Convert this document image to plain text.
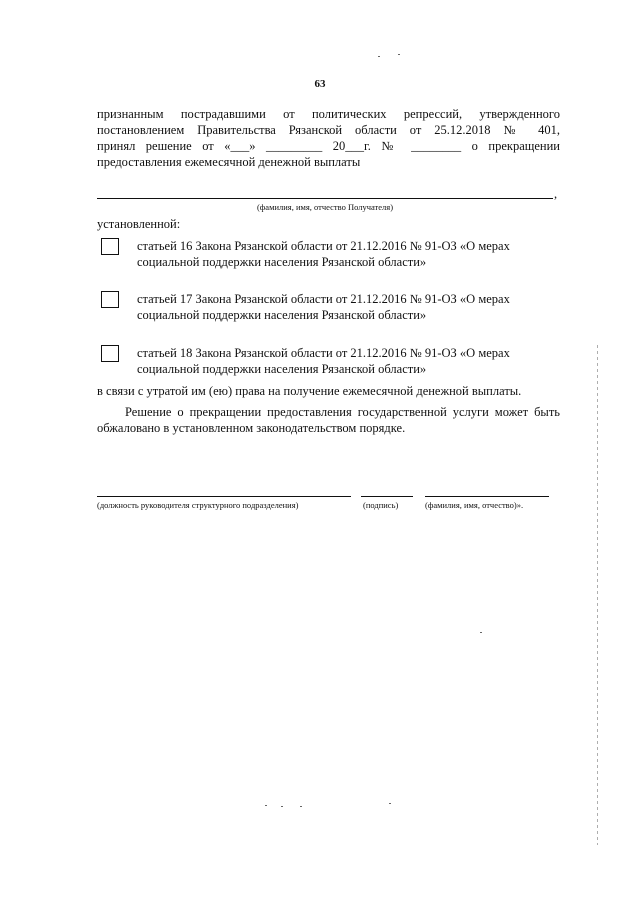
63
признанным пострадавшими от политических репрессий, утвержденного
постановлением Правительства Рязанской области от 25.12.2018 № 401,
принял решение от «___» _________ 20___г. № ________ о прекращении
предоставления ежемесячной денежной выплаты
,
(фамилия, имя, отчество Получателя)
установленной:
статьей 16 Закона Рязанской области от 21.12.2016 № 91-ОЗ «О мерах
социальной поддержки населения Рязанской области»
статьей 17 Закона Рязанской области от 21.12.2016 № 91-ОЗ «О мерах
социальной поддержки населения Рязанской области»
статьей 18 Закона Рязанской области от 21.12.2016 № 91-ОЗ «О мерах
социальной поддержки населения Рязанской области»
в связи с утратой им (ею) права на получение ежемесячной денежной выплаты.
Решение о прекращении предоставления государственной услуги может быть обжаловано в установленном законодательством порядке.
(должность руководителя структурного подразделения)	(подпись)	(фамилия, имя, отчество)».
